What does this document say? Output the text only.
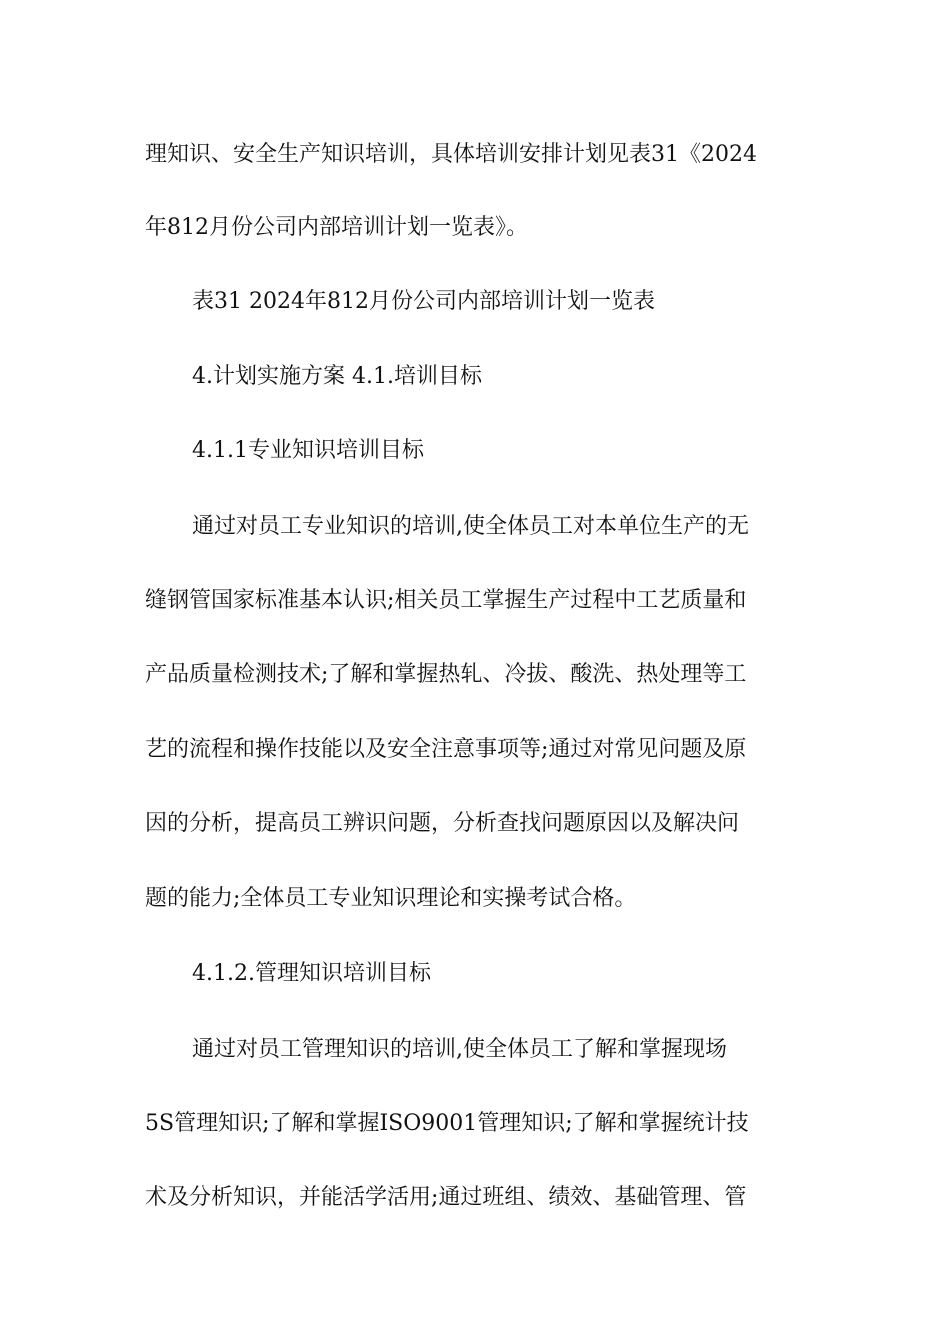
理知识、安全生产知识培训，具体培训安排计划见表31《2024
年812月份公司内部培训计划一览表》。
表31 2024年812月份公司内部培训计划一览表
4.计划实施方案 4.1.培训目标
4.1.1专业知识培训目标
通过对员工专业知识的培训,使全体员工对本单位生产的无
缝钢管国家标准基本认识;相关员工掌握生产过程中工艺质量和
产品质量检测技术;了解和掌握热轧、冷拔、酸洗、热处理等工
艺的流程和操作技能以及安全注意事项等;通过对常见问题及原
因的分析，提高员工辨识问题，分析查找问题原因以及解决问
题的能力;全体员工专业知识理论和实操考试合格。
4.1.2.管理知识培训目标
通过对员工管理知识的培训,使全体员工了解和掌握现场
5S管理知识;了解和掌握ISO9001管理知识;了解和掌握统计技
术及分析知识，并能活学活用;通过班组、绩效、基础管理、管
